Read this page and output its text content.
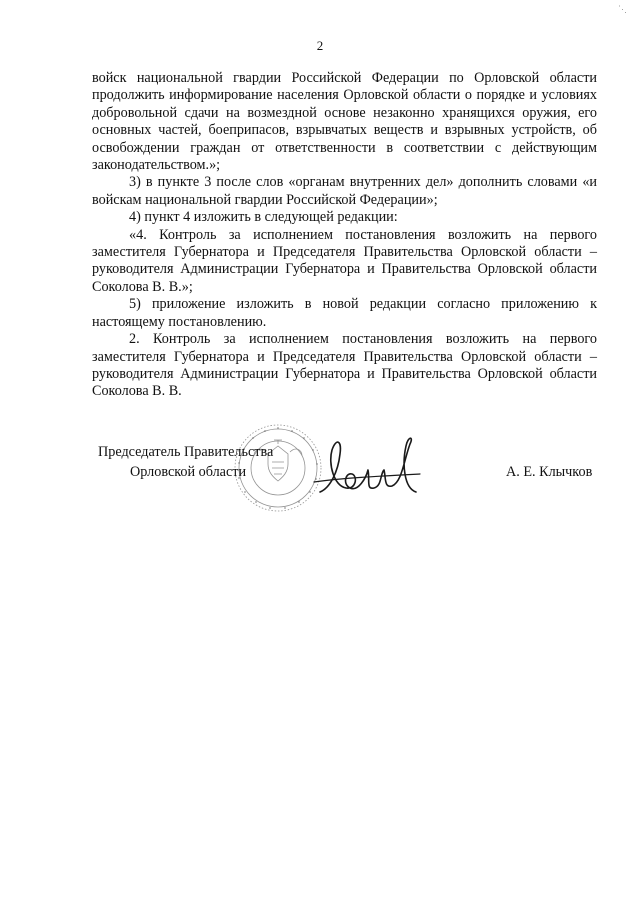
⋱
2

войск национальной гвардии Российской Федерации по Орловской области продолжить информирование населения Орловской области о порядке и условиях добровольной сдачи на возмездной основе незаконно хранящихся оружия, его основных частей, боеприпасов, взрывчатых веществ и взрывных устройств, об освобождении граждан от ответственности в соответствии с действующим законодательством.»;

3) в пункте 3 после слов «органам внутренних дел» дополнить словами «и войскам национальной гвардии Российской Федерации»;

4) пункт 4 изложить в следующей редакции:

«4. Контроль за исполнением постановления возложить на первого заместителя Губернатора и Председателя Правительства Орловской области – руководителя Администрации Губернатора и Правительства Орловской области Соколова В. В.»;

5) приложение изложить в новой редакции согласно приложению к настоящему постановлению.

2. Контроль за исполнением постановления возложить на первого заместителя Губернатора и Председателя Правительства Орловской области – руководителя Администрации Губернатора и Правительства Орловской области Соколова В. В.

Председатель Правительства
Орловской области	А. Е. Клычков
